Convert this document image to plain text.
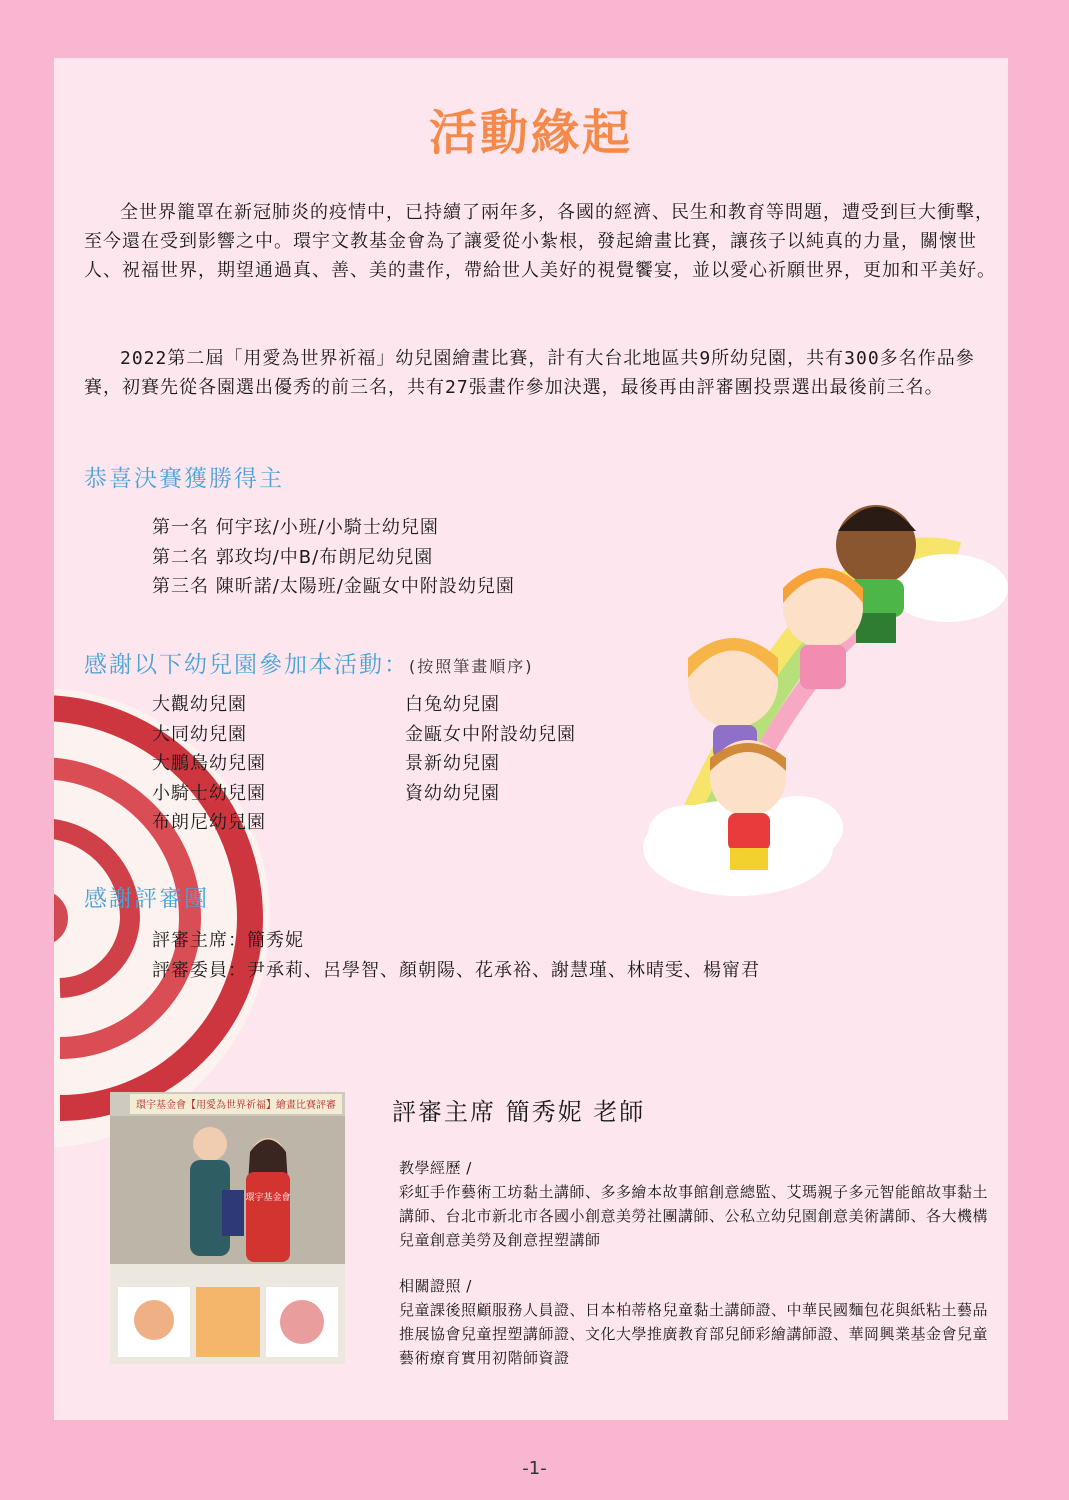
活動緣起

全世界籠罩在新冠肺炎的疫情中，已持續了兩年多，各國的經濟、民生和教育等問題，遭受到巨大衝擊，至今還在受到影響之中。環宇文教基金會為了讓愛從小紮根，發起繪畫比賽，讓孩子以純真的力量，關懷世人、祝福世界，期望通過真、善、美的畫作，帶給世人美好的視覺饗宴，並以愛心祈願世界，更加和平美好。

2022第二屆「用愛為世界祈福」幼兒園繪畫比賽，計有大台北地區共9所幼兒園，共有300多名作品參賽，初賽先從各園選出優秀的前三名，共有27張畫作參加決選，最後再由評審團投票選出最後前三名。

恭喜決賽獲勝得主
第一名 何宇玹/小班/小騎士幼兒園
第二名 郭玫均/中B/布朗尼幼兒園
第三名 陳昕諾/太陽班/金甌女中附設幼兒園
感謝以下幼兒園參加本活動：(按照筆畫順序)
大觀幼兒園
大同幼兒園
大鵬鳥幼兒園
小騎士幼兒園
布朗尼幼兒園
白兔幼兒園
金甌女中附設幼兒園
景新幼兒園
資幼幼兒園
感謝評審團
評審主席：簡秀妮
評審委員：尹承莉、呂學智、顏朝陽、花承裕、謝慧瑾、林晴雯、楊甯君
環宇基金會【用愛為世界祈福】繪畫比賽評審
環宇基金會
評審主席 簡秀妮 老師
教學經歷 /
彩虹手作藝術工坊黏土講師、多多繪本故事館創意總監、艾瑪親子多元智能館故事黏土講師、台北市新北市各國小創意美勞社團講師、公私立幼兒園創意美術講師、各大機構兒童創意美勞及創意捏塑講師
相關證照 /
兒童課後照顧服務人員證、日本柏蒂格兒童黏土講師證、中華民國麵包花與紙粘土藝品推展協會兒童捏塑講師證、文化大學推廣教育部兒師彩繪講師證、華岡興業基金會兒童藝術療育實用初階師資證
-1-
